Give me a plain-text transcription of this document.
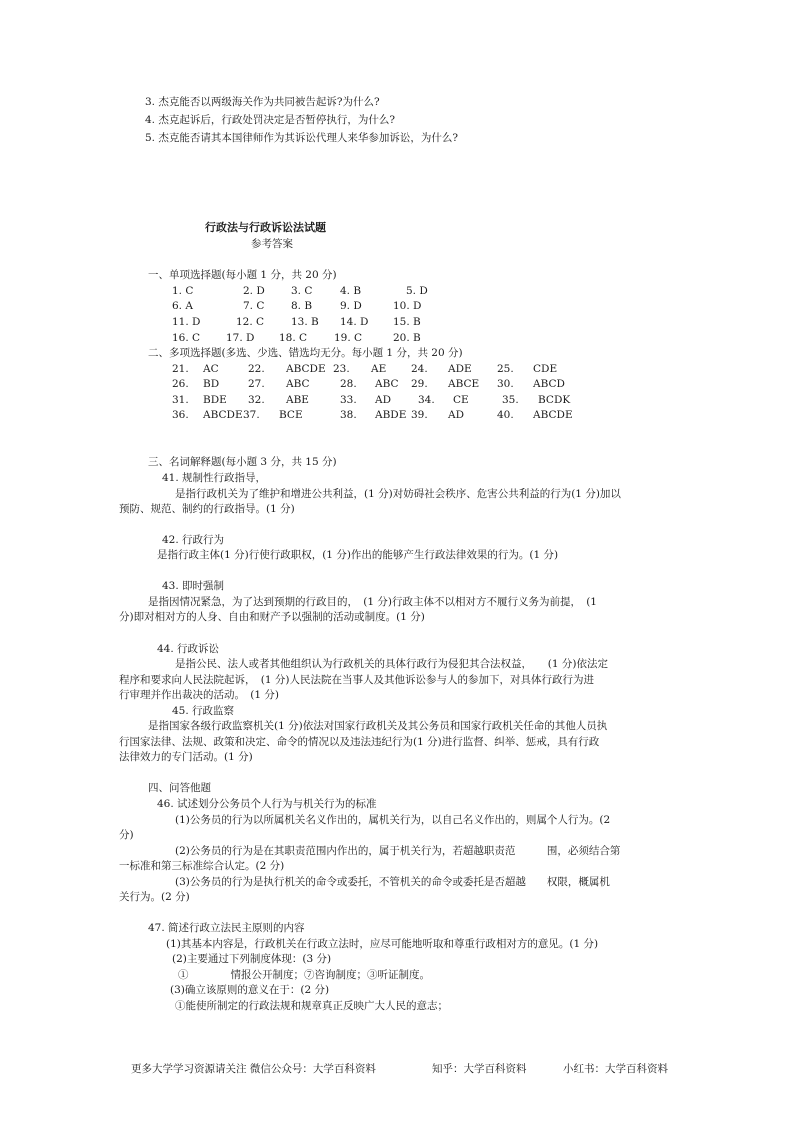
3. 杰克能否以两级海关作为共同被告起诉?为什么?
4. 杰克起诉后，行政处罚决定是否暂停执行，为什么?
5. 杰克能否请其本国律师作为其诉讼代理人来华参加诉讼，为什么?
行政法与行政诉讼法试题
参考答案
一、单项选择题(每小题 1 分，共 20 分)
1. C	2. D 3. C	4. B	5. D
6. A	7. C	8. B	9. D	10. D
11. D	12. C	13. B 14. D 15. B
16. C 17. D 18. C	19. C	20. B
二、多项选择题(多选、少选、错选均无分。每小题 1 分，共 20 分)
21. AC	22. ABCDE 23. AE 24. ADE 25. CDE
26. BD	27. ABC	28. ABC 29. ABCE 30. ABCD
31. BDE 32. ABE	33. AD	34. CE	35. BCDK
36. ABCDE 37. BCE	38. ABDE 39. AD	40. ABCDE
三、名词解释题(每小题 3 分，共 15 分)
41. 规制性行政指导，
是指行政机关为了维护和增进公共利益，(1 分)对妨碍社会秩序、危害公共利益的行为(1 分)加以
预防、规范、制约的行政指导。(1 分)
42. 行政行为
是指行政主体(1 分)行使行政职权，(1 分)作出的能够产生行政法律效果的行为。(1 分)
43. 即时强制
是指因情况紧急，为了达到预期的行政目的，　(1 分)行政主体不以相对方不履行义务为前提，　(1
分)即对相对方的人身、自由和财产予以强制的活动或制度。(1 分)
44. 行政诉讼
是指公民、法人或者其他组织认为行政机关的具体行政行为侵犯其合法权益，　　(1 分)依法定
程序和要求向人民法院起诉，　(1 分)人民法院在当事人及其他诉讼参与人的参加下，对具体行政行为进
行审理并作出裁决的活动。　(1 分)
45. 行政监察
是指国家各级行政监察机关(1 分)依法对国家行政机关及其公务员和国家行政机关任命的其他人员执
行国家法律、法规、政策和决定、命令的情况以及违法违纪行为(1 分)进行监督、纠举、惩戒，具有行政
法律效力的专门活动。(1 分)
四、问答他题
46. 试述划分公务员个人行为与机关行为的标准
(1)公务员的行为以所属机关名义作出的，属机关行为，以自己名义作出的，则属个人行为。(2
分)
(2)公务员的行为是在其职责范围内作出的，属于机关行为，若超越职责范　　　围，必须结合第
一标准和第三标准综合认定。(2 分)
(3)公务员的行为是执行机关的命令或委托，不管机关的命令或委托是否超越　　权限，概属机
关行为。(2 分)
47. 简述行政立法民主原则的内容
(1)其基本内容是，行政机关在行政立法时，应尽可能地听取和尊重行政相对方的意见。(1 分)
(2)主要通过下列制度体现：(3 分)
①　　　　情报公开制度；⑦咨询制度；③听证制度。
(3)确立该原则的意义在于：(2 分)
①能使所制定的行政法规和规章真正反映广大人民的意志；
更多大学学习资源请关注 微信公众号：大学百科资料	知乎：大学百科资料	小红书：大学百科资料
